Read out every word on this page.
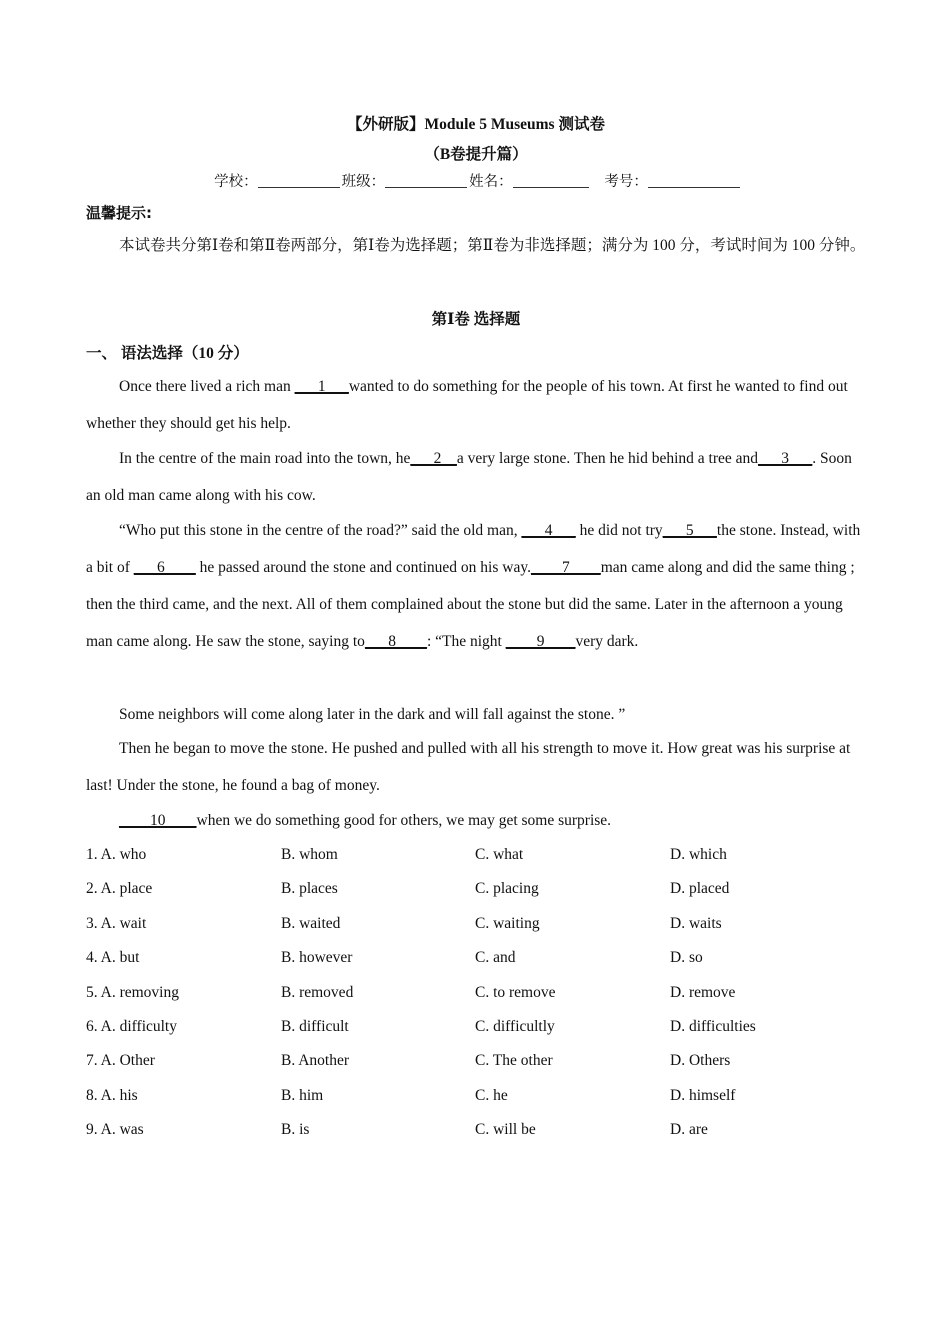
【外研版】Module 5 Museums 测试卷
（B卷提升篇）
学校：	班级：	姓名：	考号：
温馨提示:
本试卷共分第Ⅰ卷和第Ⅱ卷两部分，第Ⅰ卷为选择题；第Ⅱ卷为非选择题；满分为 100 分，考试时间为 100 分钟。
第Ⅰ卷 选择题
一、 语法选择（10 分）
Once there lived a rich man ___1___wanted to do something for the people of his town. At first he wanted to find out whether they should get his help.
In the centre of the main road into the town, he___2__a very large stone. Then he hid behind a tree and___3___. Soon an old man came along with his cow.
“Who put this stone in the centre of the road?” said the old man, ___4___ he did not try___5___the stone. Instead, with a bit of ___6____ he passed around the stone and continued on his way.____7____man came along and did the same thing ; then the third came, and the next. All of them complained about the stone but did the same. Later in the afternoon a young man came along. He saw the stone, saying to___8____: “The night ____9____very dark.
Some neighbors will come along later in the dark and will fall against the stone. ”
Then he began to move the stone. He pushed and pulled with all his strength to move it. How great was his surprise at last! Under the stone, he found a bag of money.
____10____when we do something good for others, we may get some surprise.
1. A. who	B. whom	C. what	D. which
2. A. place	B. places	C. placing	D. placed
3. A. wait	B. waited	C. waiting	D. waits
4. A. but	B. however	C. and	D. so
5. A. removing	B. removed	C. to remove	D. remove
6. A. difficulty	B. difficult	C. difficultly	D. difficulties
7. A. Other	B. Another	C. The other	D. Others
8. A. his	B. him	C. he	D. himself
9. A. was	B. is	C. will be	D. are
